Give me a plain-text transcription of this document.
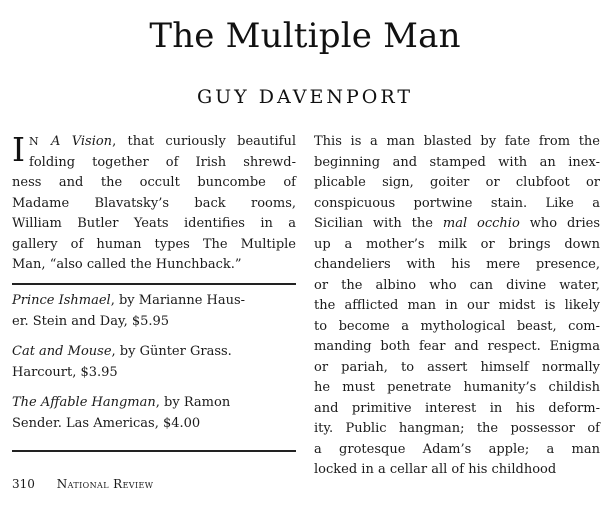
The Multiple Man
GUY DAVENPORT

I N A Vision, that curiously beautiful
folding together of Irish shrewd-
ness and the occult buncombe of
Madame Blavatsky’s back rooms,
William Butler Yeats identifies in a
gallery of human types The Multiple
Man, “also called the Hunchback.”

Prince Ishmael, by Marianne Haus-
er. Stein and Day, $5.95

Cat and Mouse, by Günter Grass.
Harcourt, $3.95

The Affable Hangman, by Ramon
Sender. Las Americas, $4.00

This is a man blasted by fate from the
beginning and stamped with an inex-
plicable sign, goiter or clubfoot or
conspicuous portwine stain. Like a
Sicilian with the mal occhio who dries
up a mother’s milk or brings down
chandeliers with his mere presence,
or the albino who can divine water,
the afflicted man in our midst is likely
to become a mythological beast, com-
manding both fear and respect. Enigma
or pariah, to assert himself normally
he must penetrate humanity’s childish
and primitive interest in his deform-
ity. Public hangman; the possessor of
a grotesque Adam’s apple; a man
locked in a cellar all of his childhood

310 National Review
